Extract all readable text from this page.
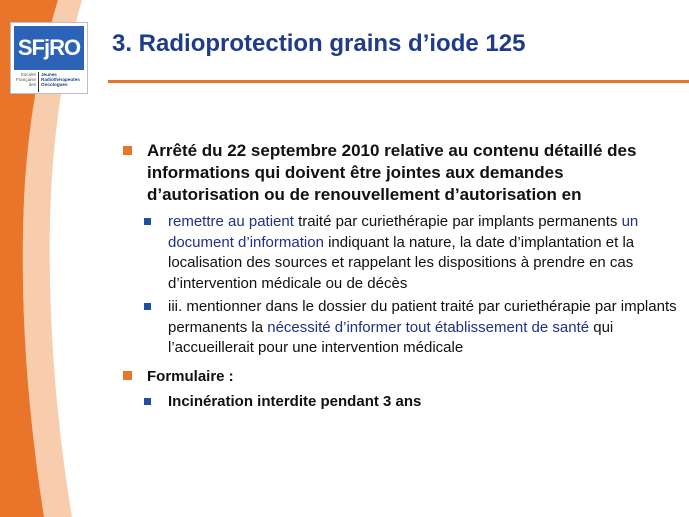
SFjRO
Société
Française
des
Jeunes
Radiothérapeutes
Oncologues
3. Radioprotection grains d’iode 125
Arrêté du 22 septembre 2010 relative au contenu détaillé des informations qui doivent être jointes aux demandes d’autorisation ou de renouvellement d’autorisation en
remettre au patient traité par curiethérapie par implants permanents un document d’information indiquant la nature, la date d’implantation et la localisation des sources et rappelant les dispositions à prendre en cas d’intervention médicale ou de décès
iii. mentionner dans le dossier du patient traité par curiethérapie par implants permanents la nécessité d’informer tout établissement de santé qui l’accueillerait pour une intervention médicale
Formulaire :
Incinération interdite pendant 3 ans
